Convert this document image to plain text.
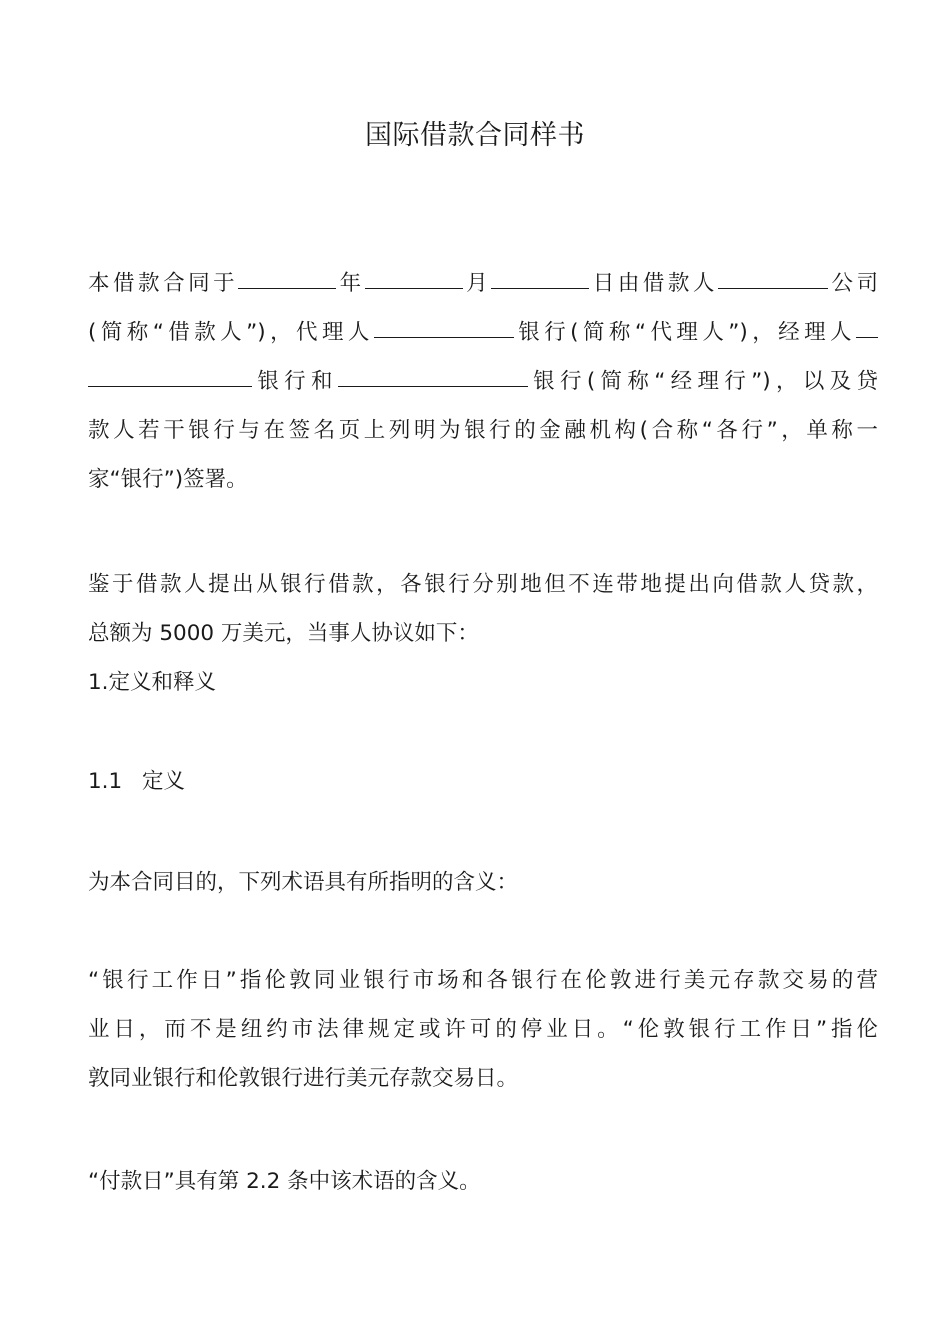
国际借款合同样书
本借款合同于	年	月	日由借款人	公司
(简称“借款人”)，代理人	银行(简称“代理人”)，经理人
银行和	银行(简称“经理行”)，以及贷
款人若干银行与在签名页上列明为银行的金融机构(合称“各行”，单称一
家“银行”)签署。
鉴于借款人提出从银行借款，各银行分别地但不连带地提出向借款人贷款，
总额为 5000 万美元，当事人协议如下：
1.定义和释义
1.1 定义
为本合同目的，下列术语具有所指明的含义：
“银行工作日”指伦敦同业银行市场和各银行在伦敦进行美元存款交易的营
业日，而不是纽约市法律规定或许可的停业日。“伦敦银行工作日”指伦
敦同业银行和伦敦银行进行美元存款交易日。
“付款日”具有第 2.2 条中该术语的含义。
